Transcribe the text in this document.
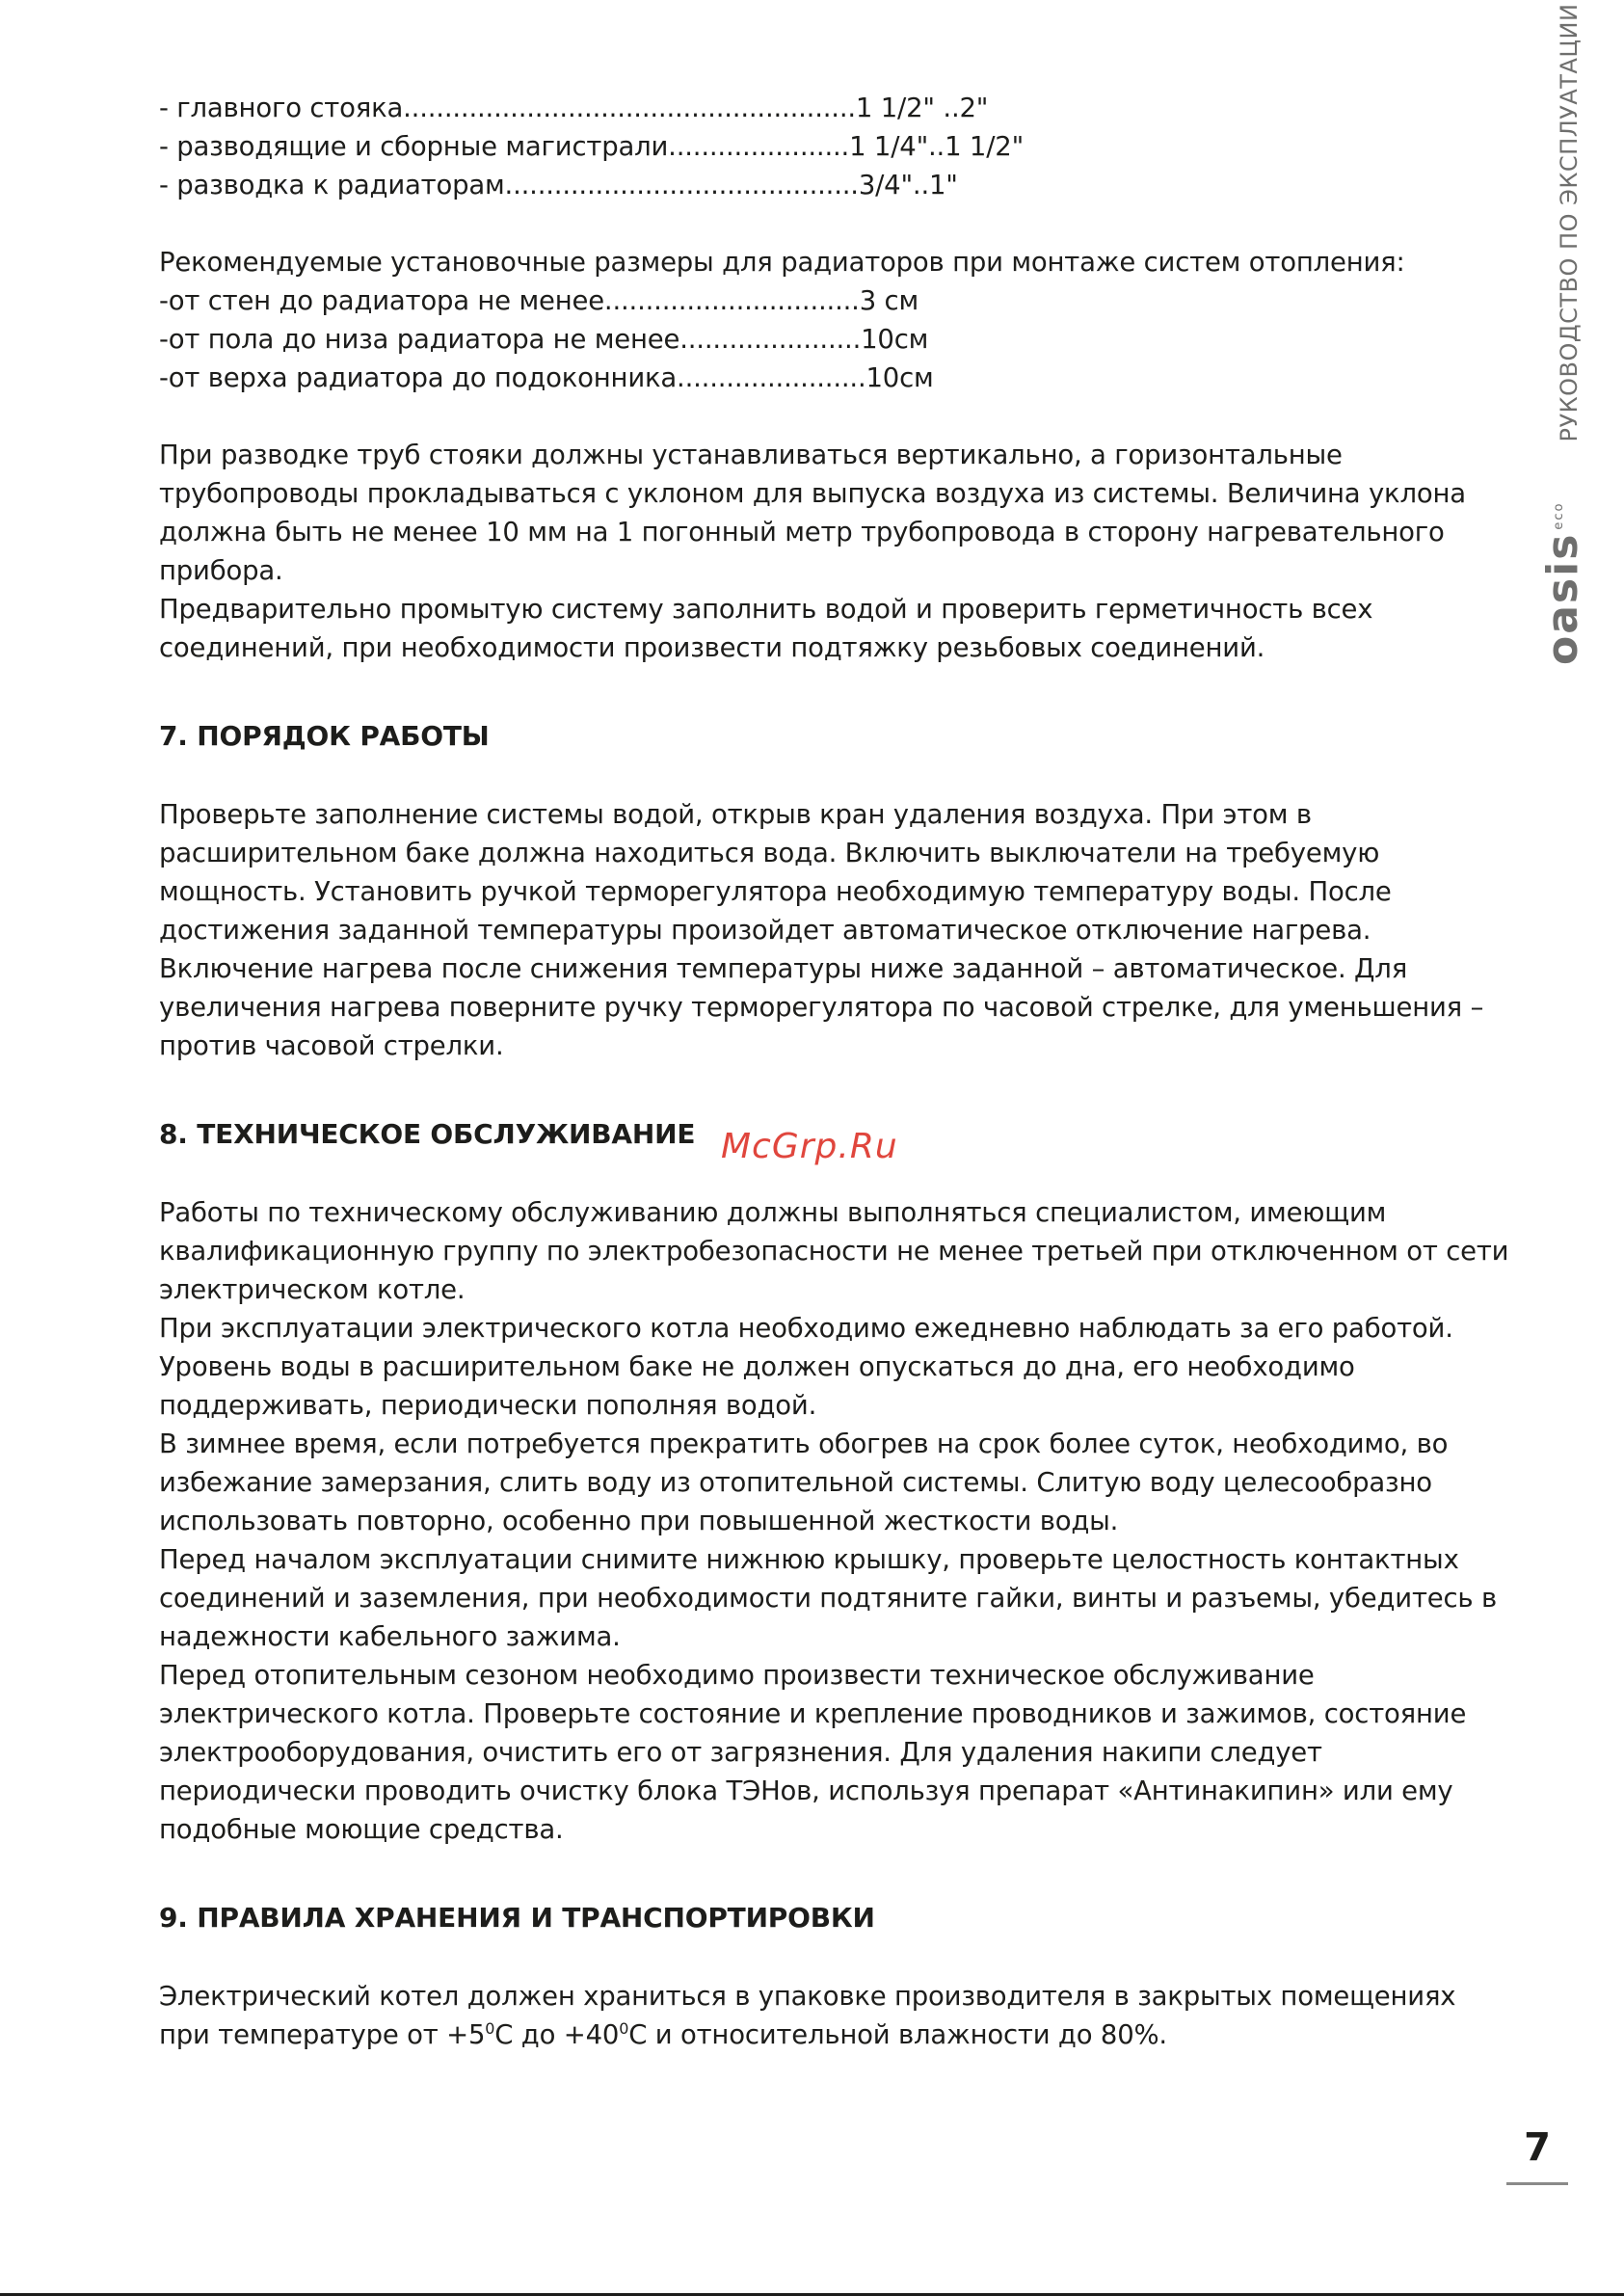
- главного стояка.......................................................1 1/2" ..2"
- разводящие и сборные магистрали......................1 1/4"..1 1/2"
- разводка к радиаторам...........................................3/4"..1"
Рекомендуемые установочные размеры для радиаторов при монтаже систем отопления:
-от стен до радиатора не менее...............................3 см
-от пола до низа радиатора не менее......................10см
-от верха радиатора до подоконника.......................10см
При разводке труб стояки должны устанавливаться вертикально, а горизонтальные
трубопроводы прокладываться с уклоном для выпуска воздуха из системы. Величина уклона
должна быть не менее 10 мм на 1 погонный метр трубопровода в сторону нагревательного
прибора.
Предварительно промытую систему заполнить водой и проверить герметичность всех
соединений, при необходимости произвести подтяжку резьбовых соединений.
7. ПОРЯДОК РАБОТЫ
Проверьте заполнение системы водой, открыв кран удаления воздуха. При этом в
расширительном баке должна находиться вода. Включить выключатели на требуемую
мощность. Установить ручкой терморегулятора необходимую температуру воды. После
достижения заданной температуры произойдет автоматическое отключение нагрева.
Включение нагрева после снижения температуры ниже заданной – автоматическое. Для
увеличения нагрева поверните ручку терморегулятора по часовой стрелке, для уменьшения –
против часовой стрелки.
8. ТЕХНИЧЕСКОЕ ОБСЛУЖИВАНИЕ
Работы по техническому обслуживанию должны выполняться специалистом, имеющим
квалификационную группу по электробезопасности не менее третьей при отключенном от сети
электрическом котле.
При эксплуатации электрического котла необходимо ежедневно наблюдать за его работой.
Уровень воды в расширительном баке не должен опускаться до дна, его необходимо
поддерживать, периодически пополняя водой.
В зимнее время, если потребуется прекратить обогрев на срок более суток, необходимо, во
избежание замерзания, слить воду из отопительной системы. Слитую воду целесообразно
использовать повторно, особенно при повышенной жесткости воды.
Перед началом эксплуатации снимите нижнюю крышку, проверьте целостность контактных
соединений и заземления, при необходимости подтяните гайки, винты и разъемы, убедитесь в
надежности кабельного зажима.
Перед отопительным сезоном необходимо произвести техническое обслуживание
электрического котла. Проверьте состояние и крепление проводников и зажимов, состояние
электрооборудования, очистить его от загрязнения. Для удаления накипи следует
периодически проводить очистку блока ТЭНов, используя препарат «Антинакипин» или ему
подобные моющие средства.
9. ПРАВИЛА ХРАНЕНИЯ И ТРАНСПОРТИРОВКИ
Электрический котел должен храниться в упаковке производителя в закрытых помещениях
при температуре от $+5^0С$ до $+40^0С$ и относительной влажности до 80%.
McGrp.Ru
oasis$^{eco}$
РУКОВОДСТВО ПО ЭКСПЛУАТАЦИИ
7
